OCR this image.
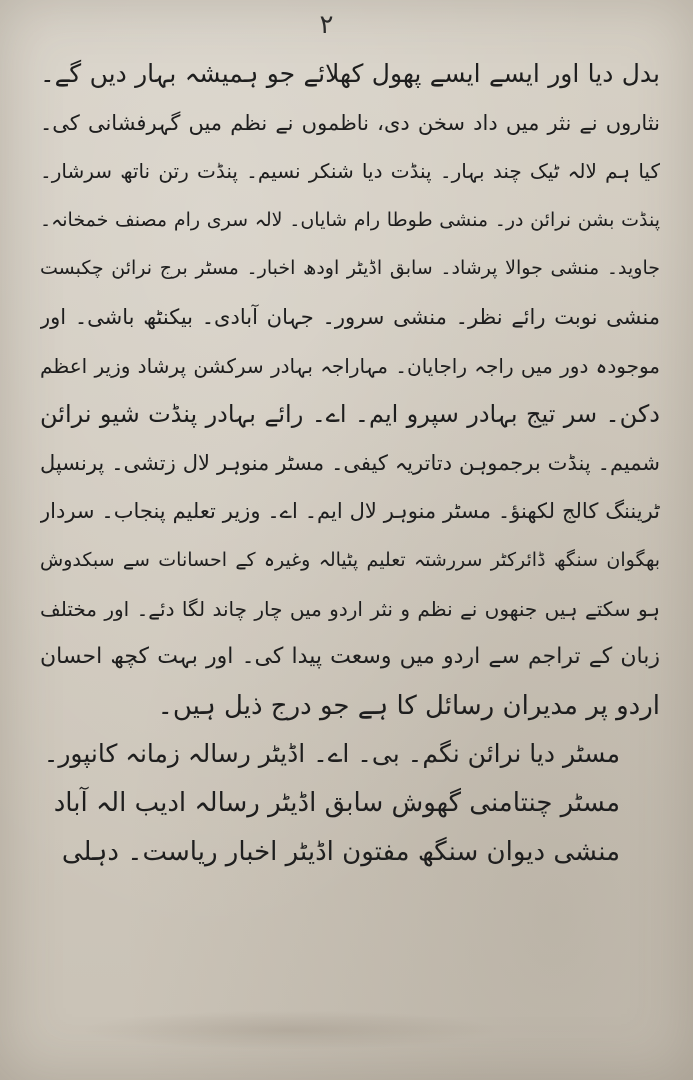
۲
بدل دیا اور ایسے ایسے پھول کھلائے جو ہمیشہ بہار دیں گے۔
نثاروں نے نثر میں داد سخن دی، ناظموں نے نظم میں گہرفشانی کی۔
کیا ہم لالہ ٹیک چند بہار۔ پنڈت دیا شنکر نسیم۔ پنڈت رتن ناتھ سرشار۔
پنڈت بشن نرائن در۔ منشی طوطا رام شایاں۔ لالہ سری رام مصنف خمخانہ۔
جاوید۔ منشی جوالا پرشاد۔ سابق اڈیٹر اودھ اخبار۔ مسٹر برج نرائن چکبست
منشی نوبت رائے نظر۔ منشی سرور۔ جہان آبادی۔ بیکنٹھ باشی۔ اور
موجودہ دور میں راجہ راجایان۔ مہاراجہ بہادر سرکشن پرشاد وزیر اعظم
دکن۔ سر تیج بہادر سپرو ایم۔ اے۔ رائے بہادر پنڈت شیو نرائن
شمیم۔ پنڈت برجموہن دتاتریہ کیفی۔ مسٹر منوہر لال زتشی۔ پرنسپل
ٹریننگ کالج لکھنؤ۔ مسٹر منوہر لال ایم۔ اے۔ وزیر تعلیم پنجاب۔ سردار
بھگوان سنگھ ڈائرکٹر سررشتہ تعلیم پٹیالہ وغیرہ کے احسانات سے سبکدوش
ہو سکتے ہیں جنھوں نے نظم و نثر اردو میں چار چاند لگا دئے۔ اور مختلف
زبان کے تراجم سے اردو میں وسعت پیدا کی۔ اور بہت کچھ احسان
اردو پر مدیران رسائل کا ہے جو درج ذیل ہیں۔
مسٹر دیا نرائن نگم۔ بی۔ اے۔ اڈیٹر رسالہ زمانہ کانپور۔
مسٹر چنتامنی گھوش سابق اڈیٹر رسالہ ادیب الہ آباد
منشی دیوان سنگھ مفتون اڈیٹر اخبار ریاست۔ دہلی
